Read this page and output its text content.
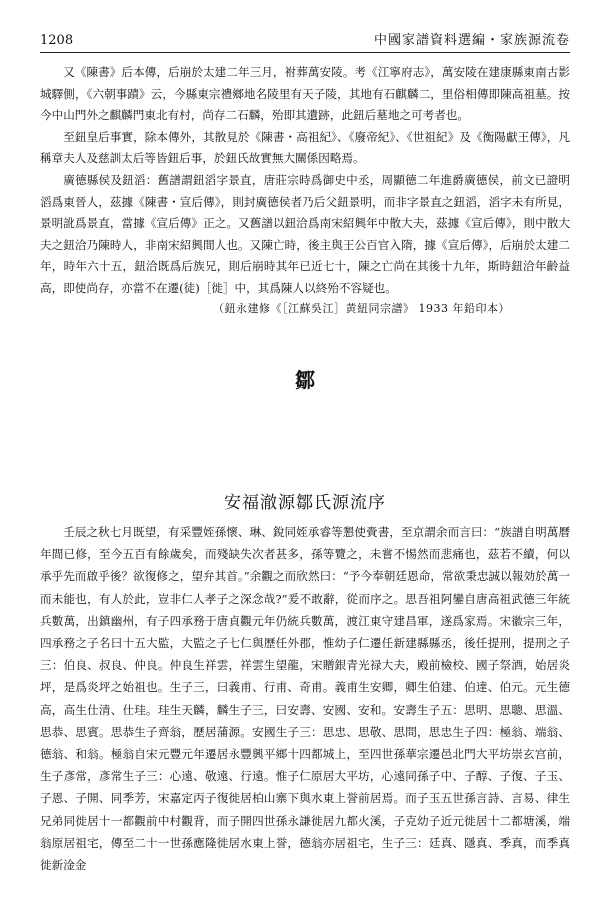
1208	中國家譜資料選編・家族源流卷

又《陳書》后本傳，后崩於太建二年三月，祔葬萬安陵。考《江寧府志》，萬安陵在建康縣東南古影城驛側，《六朝事蹟》云，今縣東宗禮鄉地名陵里有天子陵，其地有石麒麟二，里俗相傳即陳高祖墓。按今中山門外之麒麟門東北有村，尚存二石麟，殆即其遺跡，此鈕后墓地之可考者也。

至鈕皇后事實，除本傳外，其散見於《陳書・高祖紀》、《廢帝紀》、《世祖紀》及《衡陽獻王傳》，凡稱章夫人及慈訓太后等皆鈕后事，於鈕氏故實無大關係因略焉。

廣德縣侯及鈕滔：舊譜謂鈕滔字景直，唐莊宗時爲御史中丞，周顯德二年進爵廣德侯，前文已證明滔爲東晉人，茲據《陳書・宣后傳》，則封廣德侯者乃后父鈕景明，而非字景直之鈕滔，滔字未有所見，景明訛爲景直，當據《宣后傳》正之。又舊譜以鈕洽爲南宋紹興年中散大夫，茲據《宣后傳》，則中散大夫之鈕洽乃陳時人，非南宋紹興間人也。又陳亡時，後主與王公百官入隋，據《宣后傳》，后崩於太建二年，時年六十五，鈕洽既爲后族兄，則后崩時其年已近七十，陳之亡尚在其後十九年，斯時鈕洽年齡益高，即使尚存，亦當不在遷(徒)［徙］中，其爲陳人以終殆不容疑也。

（鈕永建修《［江蘇吳江］黄紐同宗譜》 1933 年鉛印本）
鄒
安福澈源鄒氏源流序

壬辰之秋七月既望，有采豐姪孫懷、琳、銳同姪承睿等懇使賫書，至京謂余而言曰：“族譜自明萬曆年間已修，至今五百有餘歲矣，而殘缺失次者甚多，孫等覽之，未嘗不惕然而悲痛也，茲若不續，何以承乎先而啟乎後？欲復修之，望弁其首。”余觀之而欣然曰：“予今奉朝廷恩命，常欲秉忠誠以報効於萬一而未能也，有人於此，豈非仁人孝子之深念哉?”爰不敢辭，從而序之。思吾祖阿鑾自唐高祖武德三年統兵數萬，出鎮幽州，有子四承務于唐貞觀元年仍統兵數萬，渡江東守建昌軍，遂爲家焉。宋徽宗三年，四承務之子名曰十五大監，大監之子七仁與歷任外郡，惟幼子仁遷任新建縣縣丞，後任提刑，提刑之子三：伯良、叔良、仲良。仲良生祥雲，祥雲生望龍，宋贈銀青光禄大夫，殿前檢校、國子祭酒，始居炎坪，是爲炎坪之始祖也。生子三，曰義甫、行甫、奇甫。義甫生安卿，卿生伯建、伯達、伯元。元生德高，高生仕清、仕珪。珪生天麟，麟生子三，曰安壽、安國、安和。安壽生子五：思明、思聰、思溫、思恭、思賓。思恭生子齊翁，歷居蒲源。安國生子三：思忠、思敬、思問，思忠生子四：極翁、端翁、德翁、和翁。極翁自宋元豐元年遷居永豐興平鄉十四都城上，至四世孫華宗遷邑北門大平坊崇玄宫前，生子彥常，彥常生子三：心遠、敬遠、行遠。惟子仁原居大平坊，心遠同孫子中、子醇、子復、子玉、子恩、子開、同季芳，宋嘉定丙子復徙居柏山寨下與水東上誉前居焉。而子玉五世孫言詩、言易、律生兄弟同徙居十一都觀前中村觀背，而子開四世孫永謙徙居九都火溪，子克幼子近元徙居十二都塘溪，端翁原居祖宅，傳至二十一世孫應隆徙居水東上誉，德翁亦居祖宅，生子三：廷真、隱真、季真，而季真徙新淦金
